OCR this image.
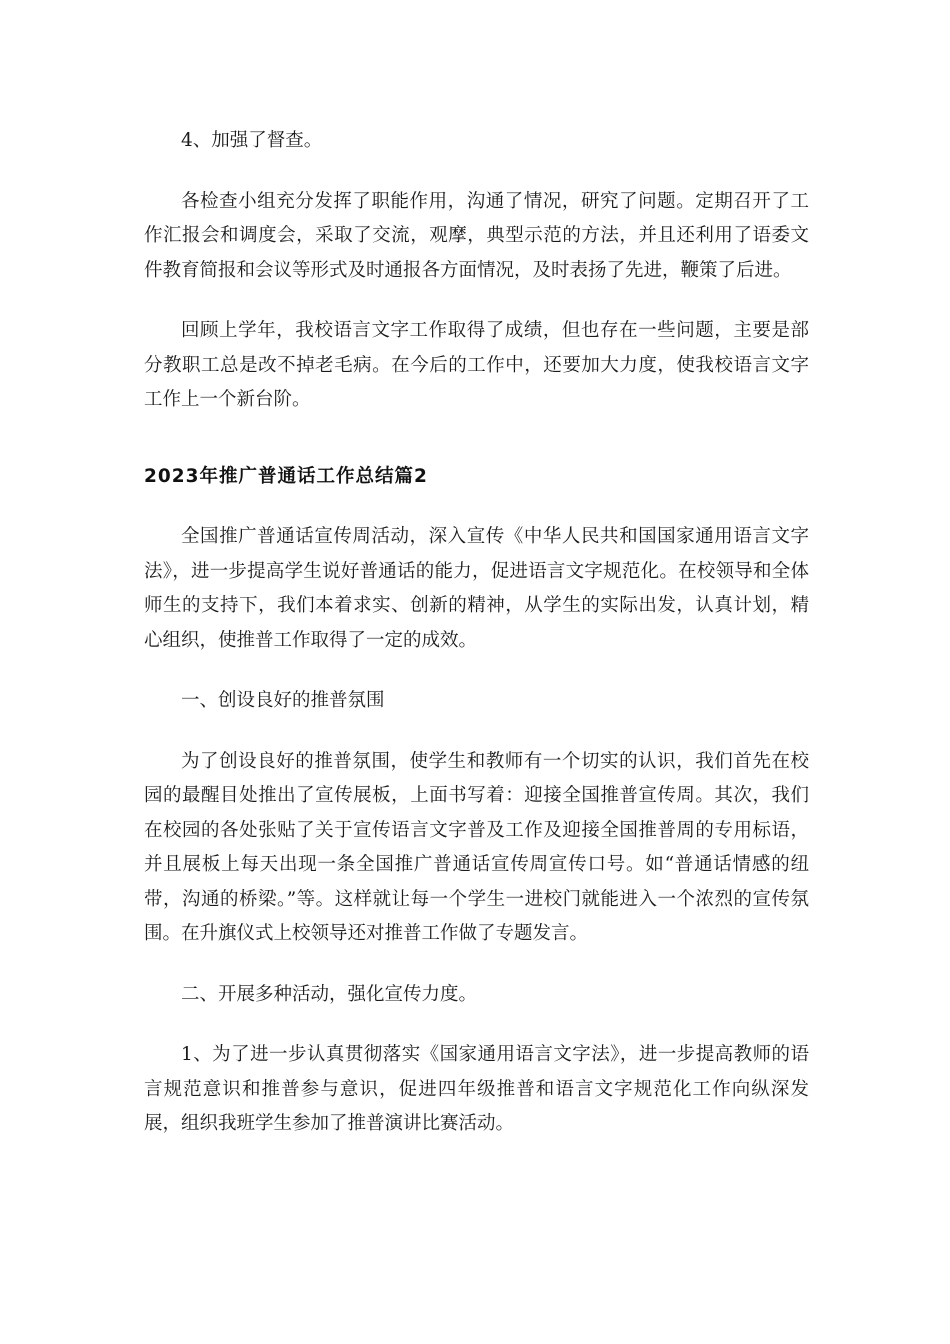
4、加强了督查。

各检查小组充分发挥了职能作用，沟通了情况，研究了问题。定期召开了工作汇报会和调度会，采取了交流，观摩，典型示范的方法，并且还利用了语委文件教育简报和会议等形式及时通报各方面情况，及时表扬了先进，鞭策了后进。

回顾上学年，我校语言文字工作取得了成绩，但也存在一些问题，主要是部分教职工总是改不掉老毛病。在今后的工作中，还要加大力度，使我校语言文字工作上一个新台阶。

2023年推广普通话工作总结篇2

全国推广普通话宣传周活动，深入宣传《中华人民共和国国家通用语言文字法》，进一步提高学生说好普通话的能力，促进语言文字规范化。在校领导和全体师生的支持下，我们本着求实、创新的精神，从学生的实际出发，认真计划，精心组织，使推普工作取得了一定的成效。

一、创设良好的推普氛围

为了创设良好的推普氛围，使学生和教师有一个切实的认识，我们首先在校园的最醒目处推出了宣传展板，上面书写着：迎接全国推普宣传周。其次，我们在校园的各处张贴了关于宣传语言文字普及工作及迎接全国推普周的专用标语，并且展板上每天出现一条全国推广普通话宣传周宣传口号。如“普通话情感的纽带，沟通的桥梁。”等。这样就让每一个学生一进校门就能进入一个浓烈的宣传氛围。在升旗仪式上校领导还对推普工作做了专题发言。

二、开展多种活动，强化宣传力度。

1、为了进一步认真贯彻落实《国家通用语言文字法》，进一步提高教师的语言规范意识和推普参与意识，促进四年级推普和语言文字规范化工作向纵深发展，组织我班学生参加了推普演讲比赛活动。
